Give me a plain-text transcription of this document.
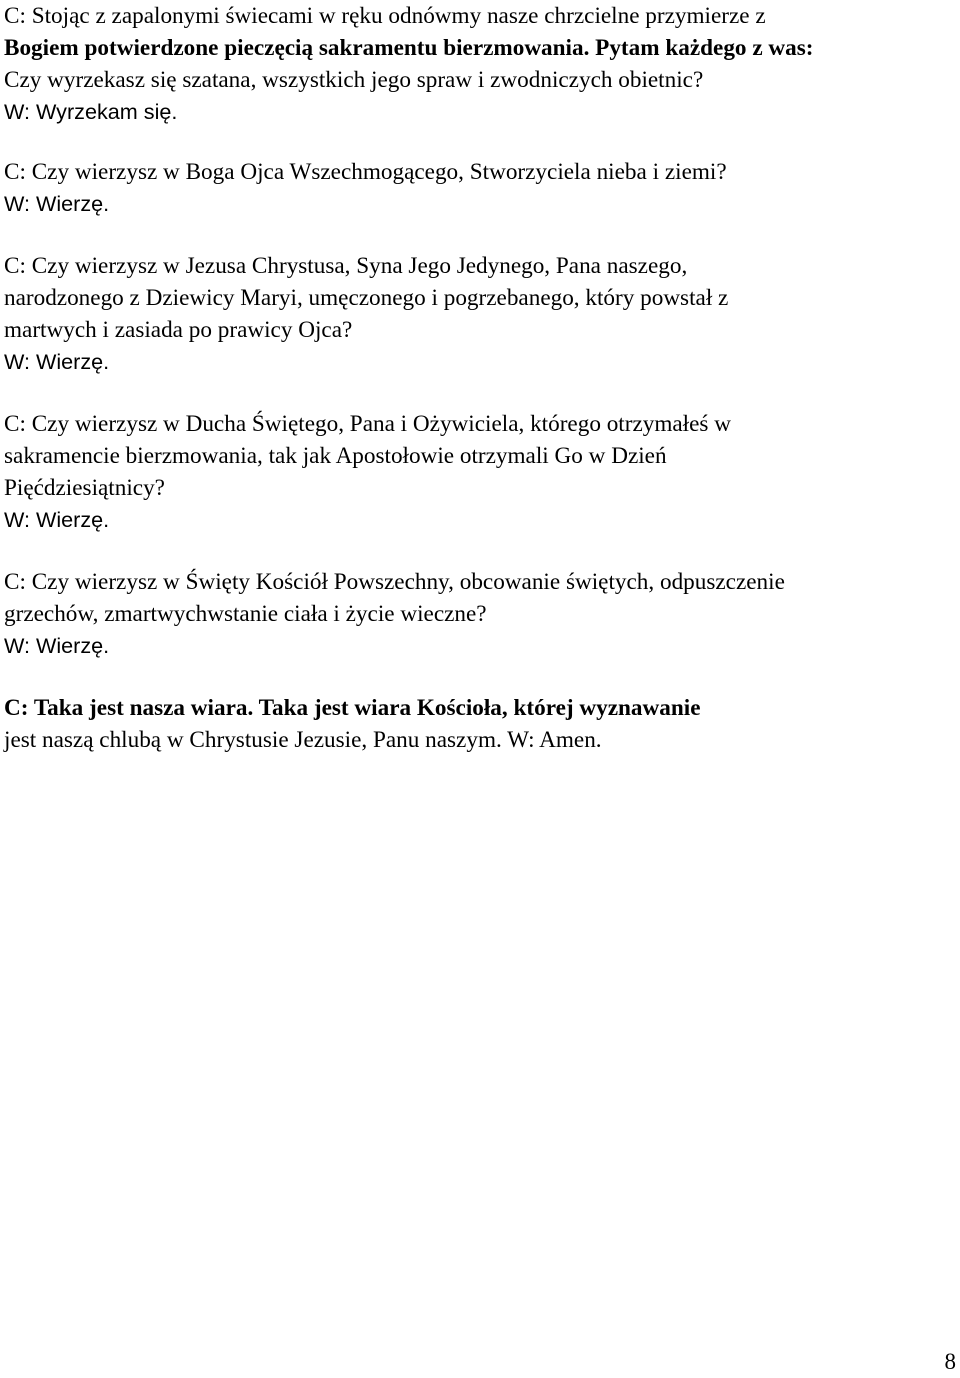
C: Stojąc z zapalonymi świecami w ręku odnówmy nasze chrzcielne przymierze z
Bogiem potwierdzone pieczęcią sakramentu bierzmowania. Pytam każdego z was:
Czy wyrzekasz się szatana, wszystkich jego spraw i zwodniczych obietnic?
W: Wyrzekam się.
C: Czy wierzysz w Boga Ojca Wszechmogącego, Stworzyciela nieba i ziemi?
W: Wierzę.
C: Czy wierzysz w Jezusa Chrystusa, Syna Jego Jedynego, Pana naszego,
narodzonego z Dziewicy Maryi, umęczonego i pogrzebanego, który powstał z
martwych i zasiada po prawicy Ojca?
W: Wierzę.
C: Czy wierzysz w Ducha Świętego, Pana i Ożywiciela, którego otrzymałeś w
sakramencie bierzmowania, tak jak Apostołowie otrzymali Go w Dzień
Pięćdziesiątnicy?
W: Wierzę.
C: Czy wierzysz w Święty Kościół Powszechny, obcowanie świętych, odpuszczenie
grzechów, zmartwychwstanie ciała i życie wieczne?
W: Wierzę.
C: Taka jest nasza wiara. Taka jest wiara Kościoła, której wyznawanie
jest naszą chlubą w Chrystusie Jezusie, Panu naszym. W: Amen.
8
